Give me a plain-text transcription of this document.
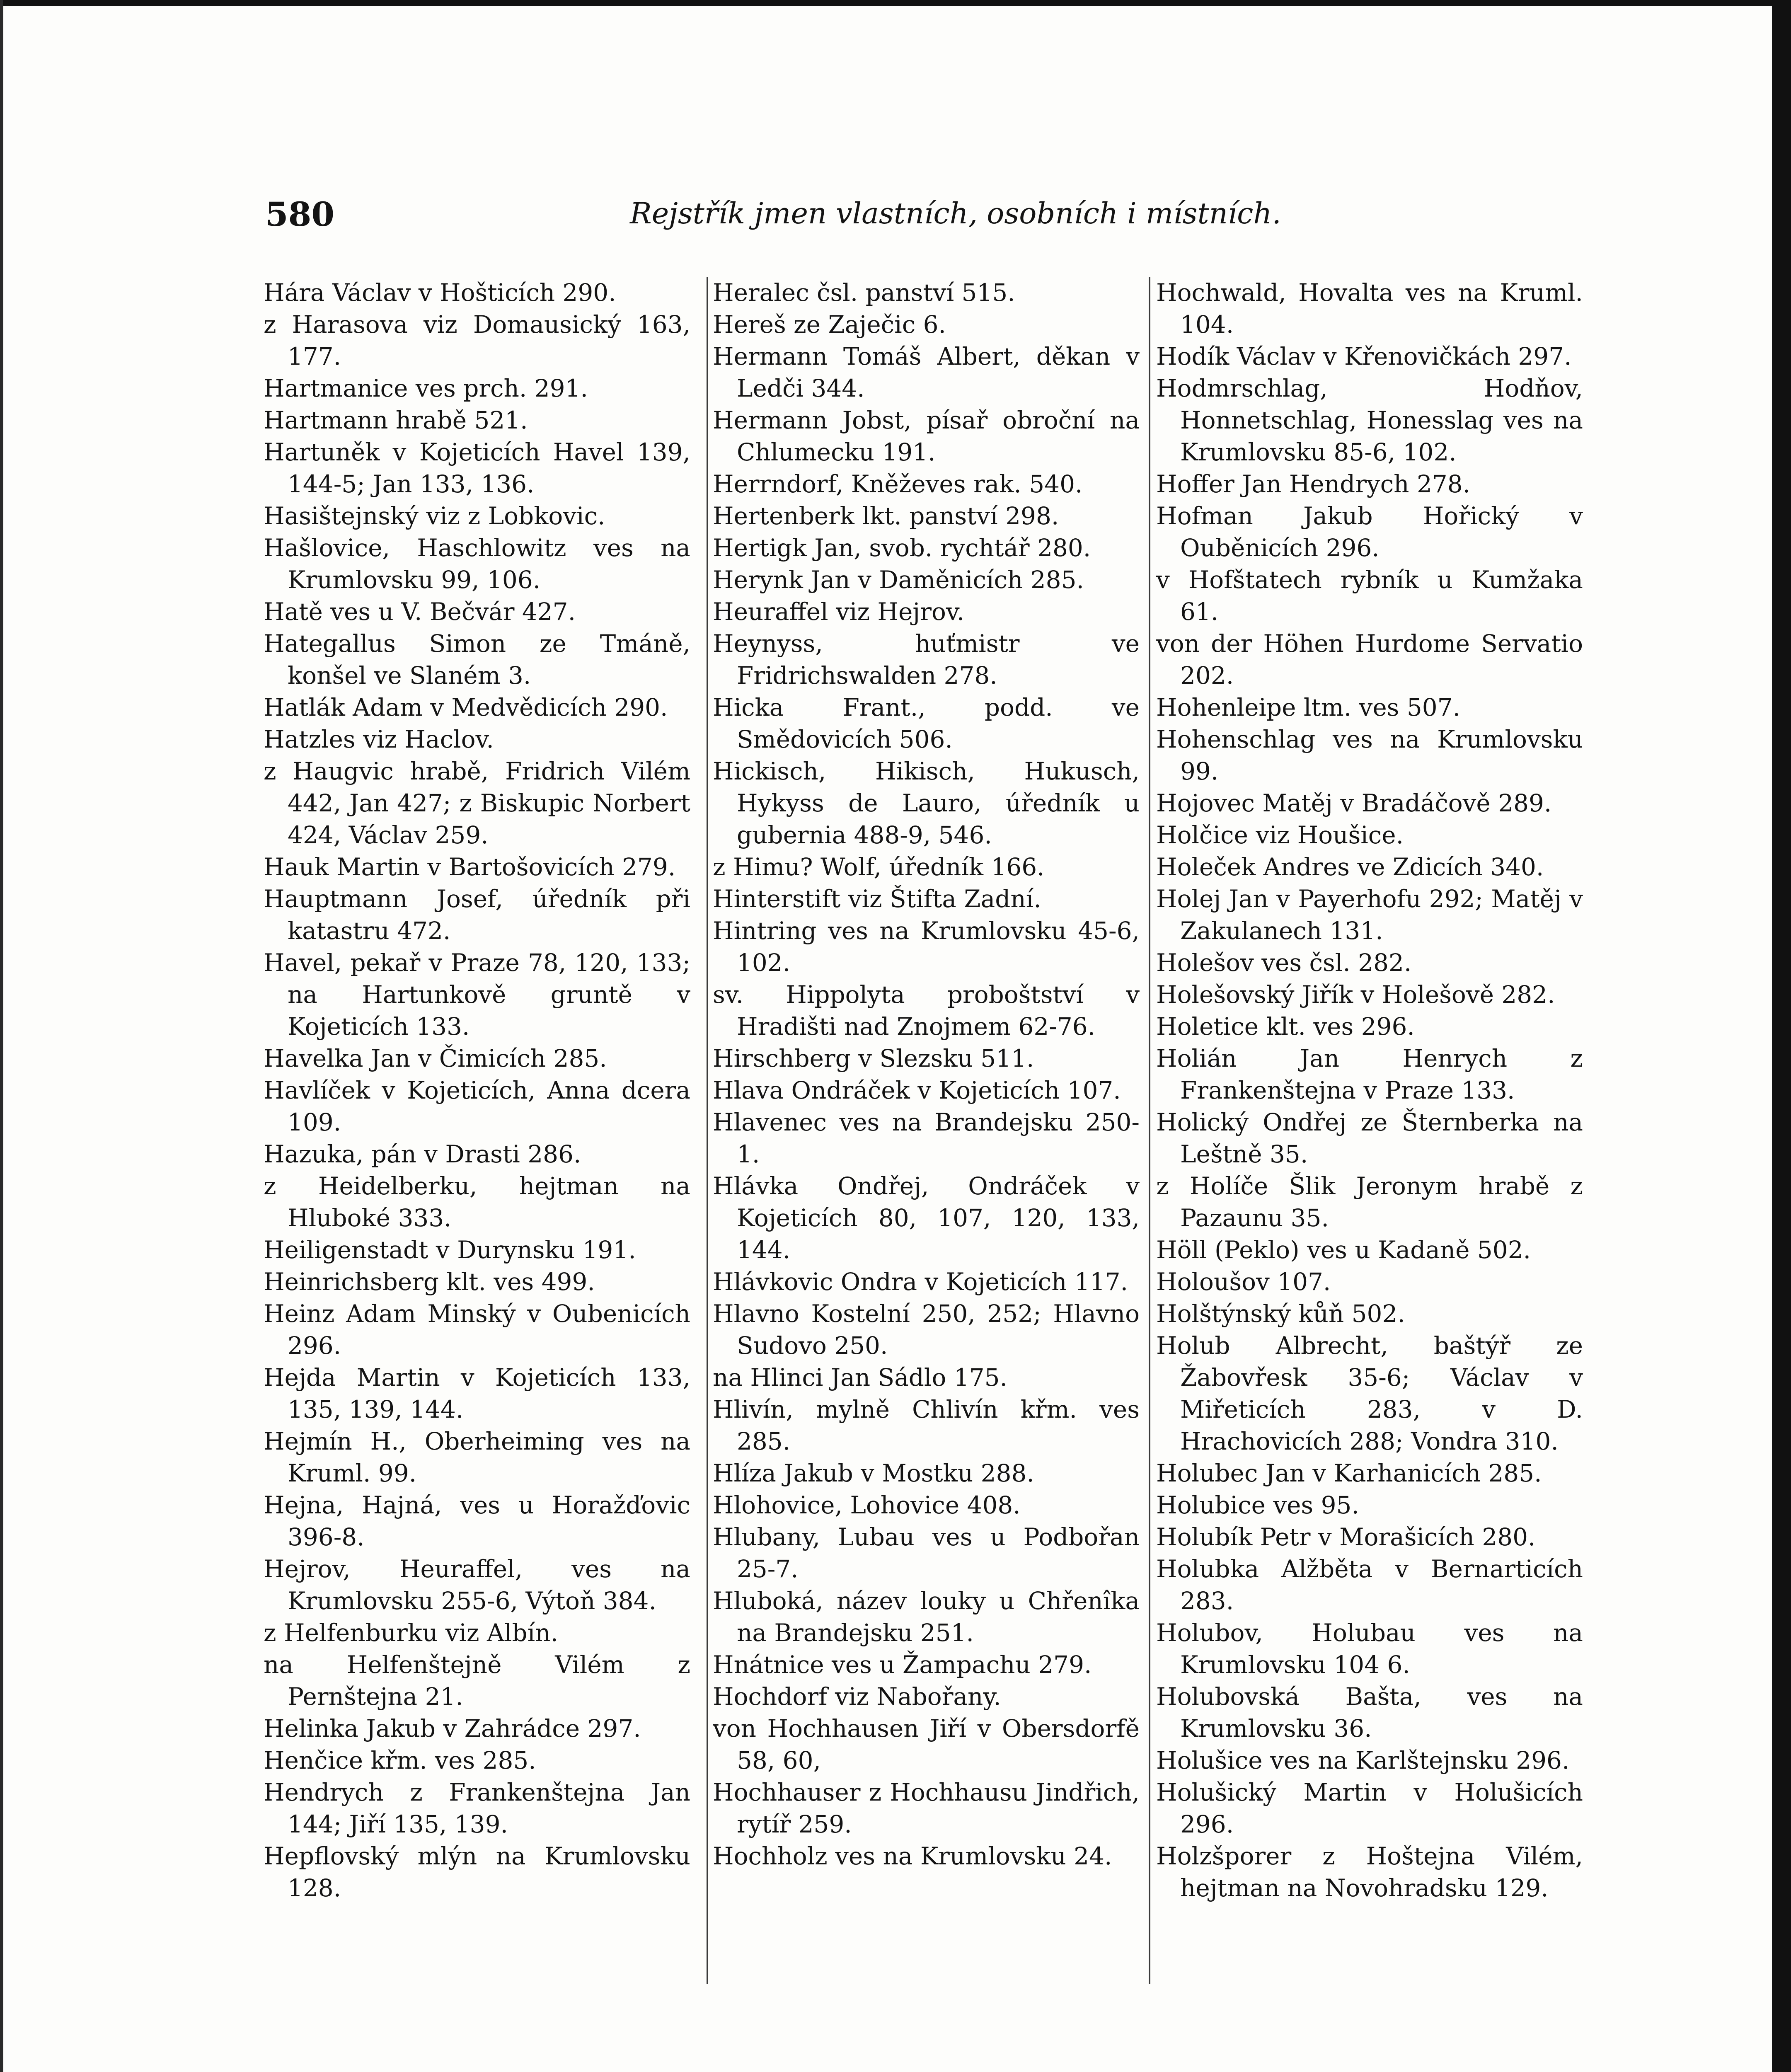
580	Rejstřík jmen vlastních, osobních i místních.

Hára Václav v Hošticích 290.

z Harasova viz Domausický 163, 177.

Hartmanice ves prch. 291.

Hartmann hrabě 521.

Hartuněk v Kojeticích Havel 139, 144-5; Jan 133, 136.

Hasištejnský viz z Lobkovic.

Hašlovice, Haschlowitz ves na Krumlovsku 99, 106.

Hatě ves u V. Bečvár 427.

Hategallus Simon ze Tmáně, konšel ve Slaném 3.

Hatlák Adam v Medvědicích 290.

Hatzles viz Haclov.

z Haugvic hrabě, Fridrich Vilém 442, Jan 427; z Biskupic Norbert 424, Václav 259.

Hauk Martin v Bartošovicích 279.

Hauptmann Josef, úředník při katastru 472.

Havel, pekař v Praze 78, 120, 133; na Hartunkově gruntě v Kojeticích 133.

Havelka Jan v Čimicích 285.

Havlíček v Kojeticích, Anna dcera 109.

Hazuka, pán v Drasti 286.

z Heidelberku, hejtman na Hluboké 333.

Heiligenstadt v Durynsku 191.

Heinrichsberg klt. ves 499.

Heinz Adam Minský v Oubenicích 296.

Hejda Martin v Kojeticích 133, 135, 139, 144.

Hejmín H., Oberheiming ves na Kruml. 99.

Hejna, Hajná, ves u Horažďovic 396-8.

Hejrov, Heuraffel, ves na Krumlovsku 255-6, Výtoň 384.

z Helfenburku viz Albín.

na Helfenštejně Vilém z Pernštejna 21.

Helinka Jakub v Zahrádce 297.

Henčice křm. ves 285.

Hendrych z Frankenštejna Jan 144; Jiří 135, 139.

Hepflovský mlýn na Krumlovsku 128.

Heralec čsl. panství 515.

Hereš ze Zaječic 6.

Hermann Tomáš Albert, děkan v Ledči 344.

Hermann Jobst, písař obroční na Chlumecku 191.

Herrndorf, Kněževes rak. 540.

Hertenberk lkt. panství 298.

Hertigk Jan, svob. rychtář 280.

Herynk Jan v Daměnicích 285.

Heuraffel viz Hejrov.

Heynyss, huťmistr ve Fridrichswalden 278.

Hicka Frant., podd. ve Smědovicích 506.

Hickisch, Hikisch, Hukusch, Hykyss de Lauro, úředník u gubernia 488-9, 546.

z Himu? Wolf, úředník 166.

Hinterstift viz Štifta Zadní.

Hintring ves na Krumlovsku 45-6, 102.

sv. Hippolyta proboštství v Hradišti nad Znojmem 62-76.

Hirschberg v Slezsku 511.

Hlava Ondráček v Kojeticích 107.

Hlavenec ves na Brandejsku 250-1.

Hlávka Ondřej, Ondráček v Kojeticích 80, 107, 120, 133, 144.

Hlávkovic Ondra v Kojeticích 117.

Hlavno Kostelní 250, 252; Hlavno Sudovo 250.

na Hlinci Jan Sádlo 175.

Hlivín, mylně Chlivín křm. ves 285.

Hlíza Jakub v Mostku 288.

Hlohovice, Lohovice 408.

Hlubany, Lubau ves u Podbořan 25-7.

Hluboká, název louky u Chřenîka na Brandejsku 251.

Hnátnice ves u Žampachu 279.

Hochdorf viz Nabořany.

von Hochhausen Jiří v Obersdorfě 58, 60,

Hochhauser z Hochhausu Jindřich, rytíř 259.

Hochholz ves na Krumlovsku 24.

Hochwald, Hovalta ves na Kruml. 104.

Hodík Václav v Křenovičkách 297.

Hodmrschlag, Hodňov, Honnetschlag, Honesslag ves na Krumlovsku 85-6, 102.

Hoffer Jan Hendrych 278.

Hofman Jakub Hořický v Ouběnicích 296.

v Hofštatech rybník u Kumžaka 61.

von der Höhen Hurdome Servatio 202.

Hohenleipe ltm. ves 507.

Hohenschlag ves na Krumlovsku 99.

Hojovec Matěj v Bradáčově 289.

Holčice viz Houšice.

Holeček Andres ve Zdicích 340.

Holej Jan v Payerhofu 292; Matěj v Zakulanech 131.

Holešov ves čsl. 282.

Holešovský Jiřík v Holešově 282.

Holetice klt. ves 296.

Holián Jan Henrych z Frankenštejna v Praze 133.

Holický Ondřej ze Šternberka na Leštně 35.

z Holíče Šlik Jeronym hrabě z Pazaunu 35.

Höll (Peklo) ves u Kadaně 502.

Holoušov 107.

Holštýnský kůň 502.

Holub Albrecht, baštýř ze Žabovřesk 35-6; Václav v Miřeticích 283, v D. Hrachovicích 288; Vondra 310.

Holubec Jan v Karhanicích 285.

Holubice ves 95.

Holubík Petr v Morašicích 280.

Holubka Alžběta v Bernarticích 283.

Holubov, Holubau ves na Krumlovsku 104 6.

Holubovská Bašta, ves na Krumlovsku 36.

Holušice ves na Karlštejnsku 296.

Holušický Martin v Holušicích 296.

Holzšporer z Hoštejna Vilém, hejtman na Novohradsku 129.
